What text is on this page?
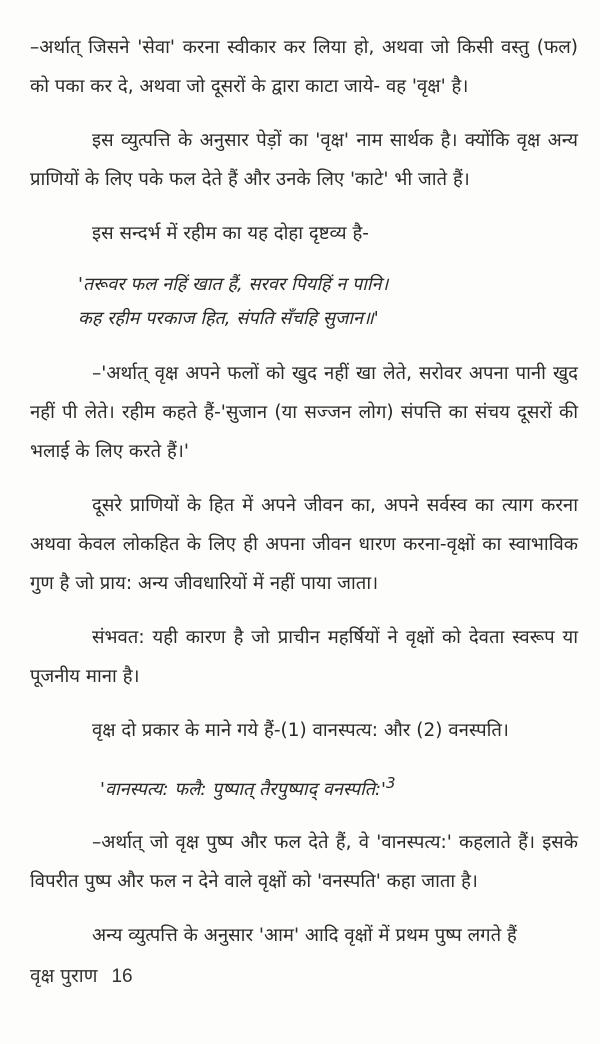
–अर्थात् जिसने 'सेवा' करना स्वीकार कर लिया हो, अथवा जो किसी वस्तु (फल) को पका कर दे, अथवा जो दूसरों के द्वारा काटा जाये- वह 'वृक्ष' है।

इस व्युत्पत्ति के अनुसार पेड़ों का 'वृक्ष' नाम सार्थक है। क्योंकि वृक्ष अन्य प्राणियों के लिए पके फल देते हैं और उनके लिए 'काटे' भी जाते हैं।

इस सन्दर्भ में रहीम का यह दोहा दृष्टव्य है-

'तरूवर फल नहिं खात हैं, सरवर पियहिं न पानि।
कह रहीम परकाज हित, संपति सँचहि सुजान॥'

–'अर्थात् वृक्ष अपने फलों को खुद नहीं खा लेते, सरोवर अपना पानी खुद नहीं पी लेते। रहीम कहते हैं-'सुजान (या सज्जन लोग) संपत्ति का संचय दूसरों की भलाई के लिए करते हैं।'

दूसरे प्राणियों के हित में अपने जीवन का, अपने सर्वस्व का त्याग करना अथवा केवल लोकहित के लिए ही अपना जीवन धारण करना-वृक्षों का स्वाभाविक गुण है जो प्राय: अन्य जीवधारियों में नहीं पाया जाता।

संभवत: यही कारण है जो प्राचीन महर्षियों ने वृक्षों को देवता स्वरूप या पूजनीय माना है।

वृक्ष दो प्रकार के माने गये हैं-(1) वानस्पत्य: और (2) वनस्पति।

'वानस्पत्य: फलै: पुष्पात् तैरपुष्पाद् $वनस्पति:'^3$

–अर्थात् जो वृक्ष पुष्प और फल देते हैं, वे 'वानस्पत्य:' कहलाते हैं। इसके विपरीत पुष्प और फल न देने वाले वृक्षों को 'वनस्पति' कहा जाता है।

अन्य व्युत्पत्ति के अनुसार 'आम' आदि वृक्षों में प्रथम पुष्प लगते हैं

वृक्ष पुराण 16
